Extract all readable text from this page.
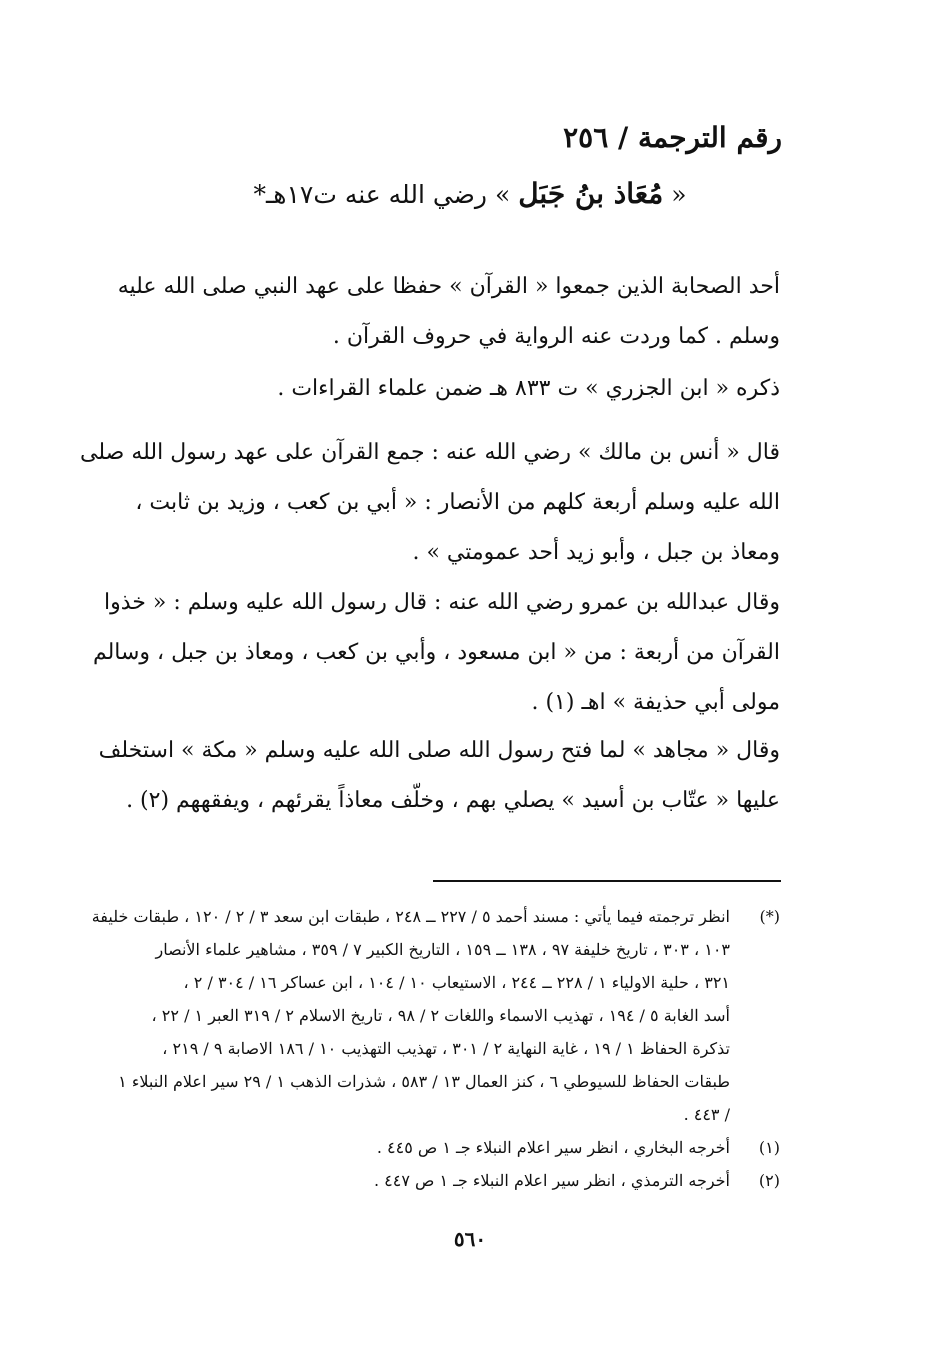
رقم الترجمة / ٢٥٦
« مُعَاذ بنُ جَبَل » رضي الله عنه ت١٧هـ*
أحد الصحابة الذين جمعوا « القرآن » حفظا على عهد النبي صلى الله عليه
وسلم . كما وردت عنه الرواية في حروف القرآن .
ذكره « ابن الجزري » ت ٨٣٣ هـ ضمن علماء القراءات .
قال « أنس بن مالك » رضي الله عنه : جمع القرآن على عهد رسول الله صلى
الله عليه وسلم أربعة كلهم من الأنصار : « أبي بن كعب ، وزيد بن ثابت ،
ومعاذ بن جبل ، وأبو زيد أحد عمومتي » .
وقال عبدالله بن عمرو رضي الله عنه : قال رسول الله عليه وسلم : « خذوا
القرآن من أربعة : من « ابن مسعود ، وأبي بن كعب ، ومعاذ بن جبل ، وسالم
مولى أبي حذيفة » اهـ (١) .
وقال « مجاهد » لما فتح رسول الله صلى الله عليه وسلم « مكة » استخلف
عليها « عتّاب بن أسيد » يصلي بهم ، وخلّف معاذاً يقرئهم ، ويفقههم (٢) .
(*)
انظر ترجمته فيما يأتي : مسند أحمد ٥ / ٢٢٧ ــ ٢٤٨ ، طبقات ابن سعد ٣ / ٢ / ١٢٠ ، طبقات خليفة
١٠٣ ، ٣٠٣ ، تاريخ خليفة ٩٧ ، ١٣٨ ــ ١٥٩ ، التاريخ الكبير ٧ / ٣٥٩ ، مشاهير علماء الأنصار
٣٢١ ، حلية الاولياء ١ / ٢٢٨ ــ ٢٤٤ ، الاستيعاب ١٠ / ١٠٤ ، ابن عساكر ١٦ / ٣٠٤ / ٢ ،
أسد الغابة ٥ / ١٩٤ ، تهذيب الاسماء واللغات ٢ / ٩٨ ، تاريخ الاسلام ٢ / ٣١٩ العبر ١ / ٢٢ ،
تذكرة الحفاظ ١ / ١٩ ، غاية النهاية ٢ / ٣٠١ ، تهذيب التهذيب ١٠ / ١٨٦ الاصابة ٩ / ٢١٩ ،
طبقات الحفاظ للسيوطي ٦ ، كنز العمال ١٣ / ٥٨٣ ، شذرات الذهب ١ / ٢٩ سير اعلام النبلاء ١
/ ٤٤٣ .
(١)
أخرجه البخاري ، انظر سير اعلام النبلاء جـ ١ ص ٤٤٥ .
(٢)
أخرجه الترمذي ، انظر سير اعلام النبلاء جـ ١ ص ٤٤٧ .
٥٦٠
